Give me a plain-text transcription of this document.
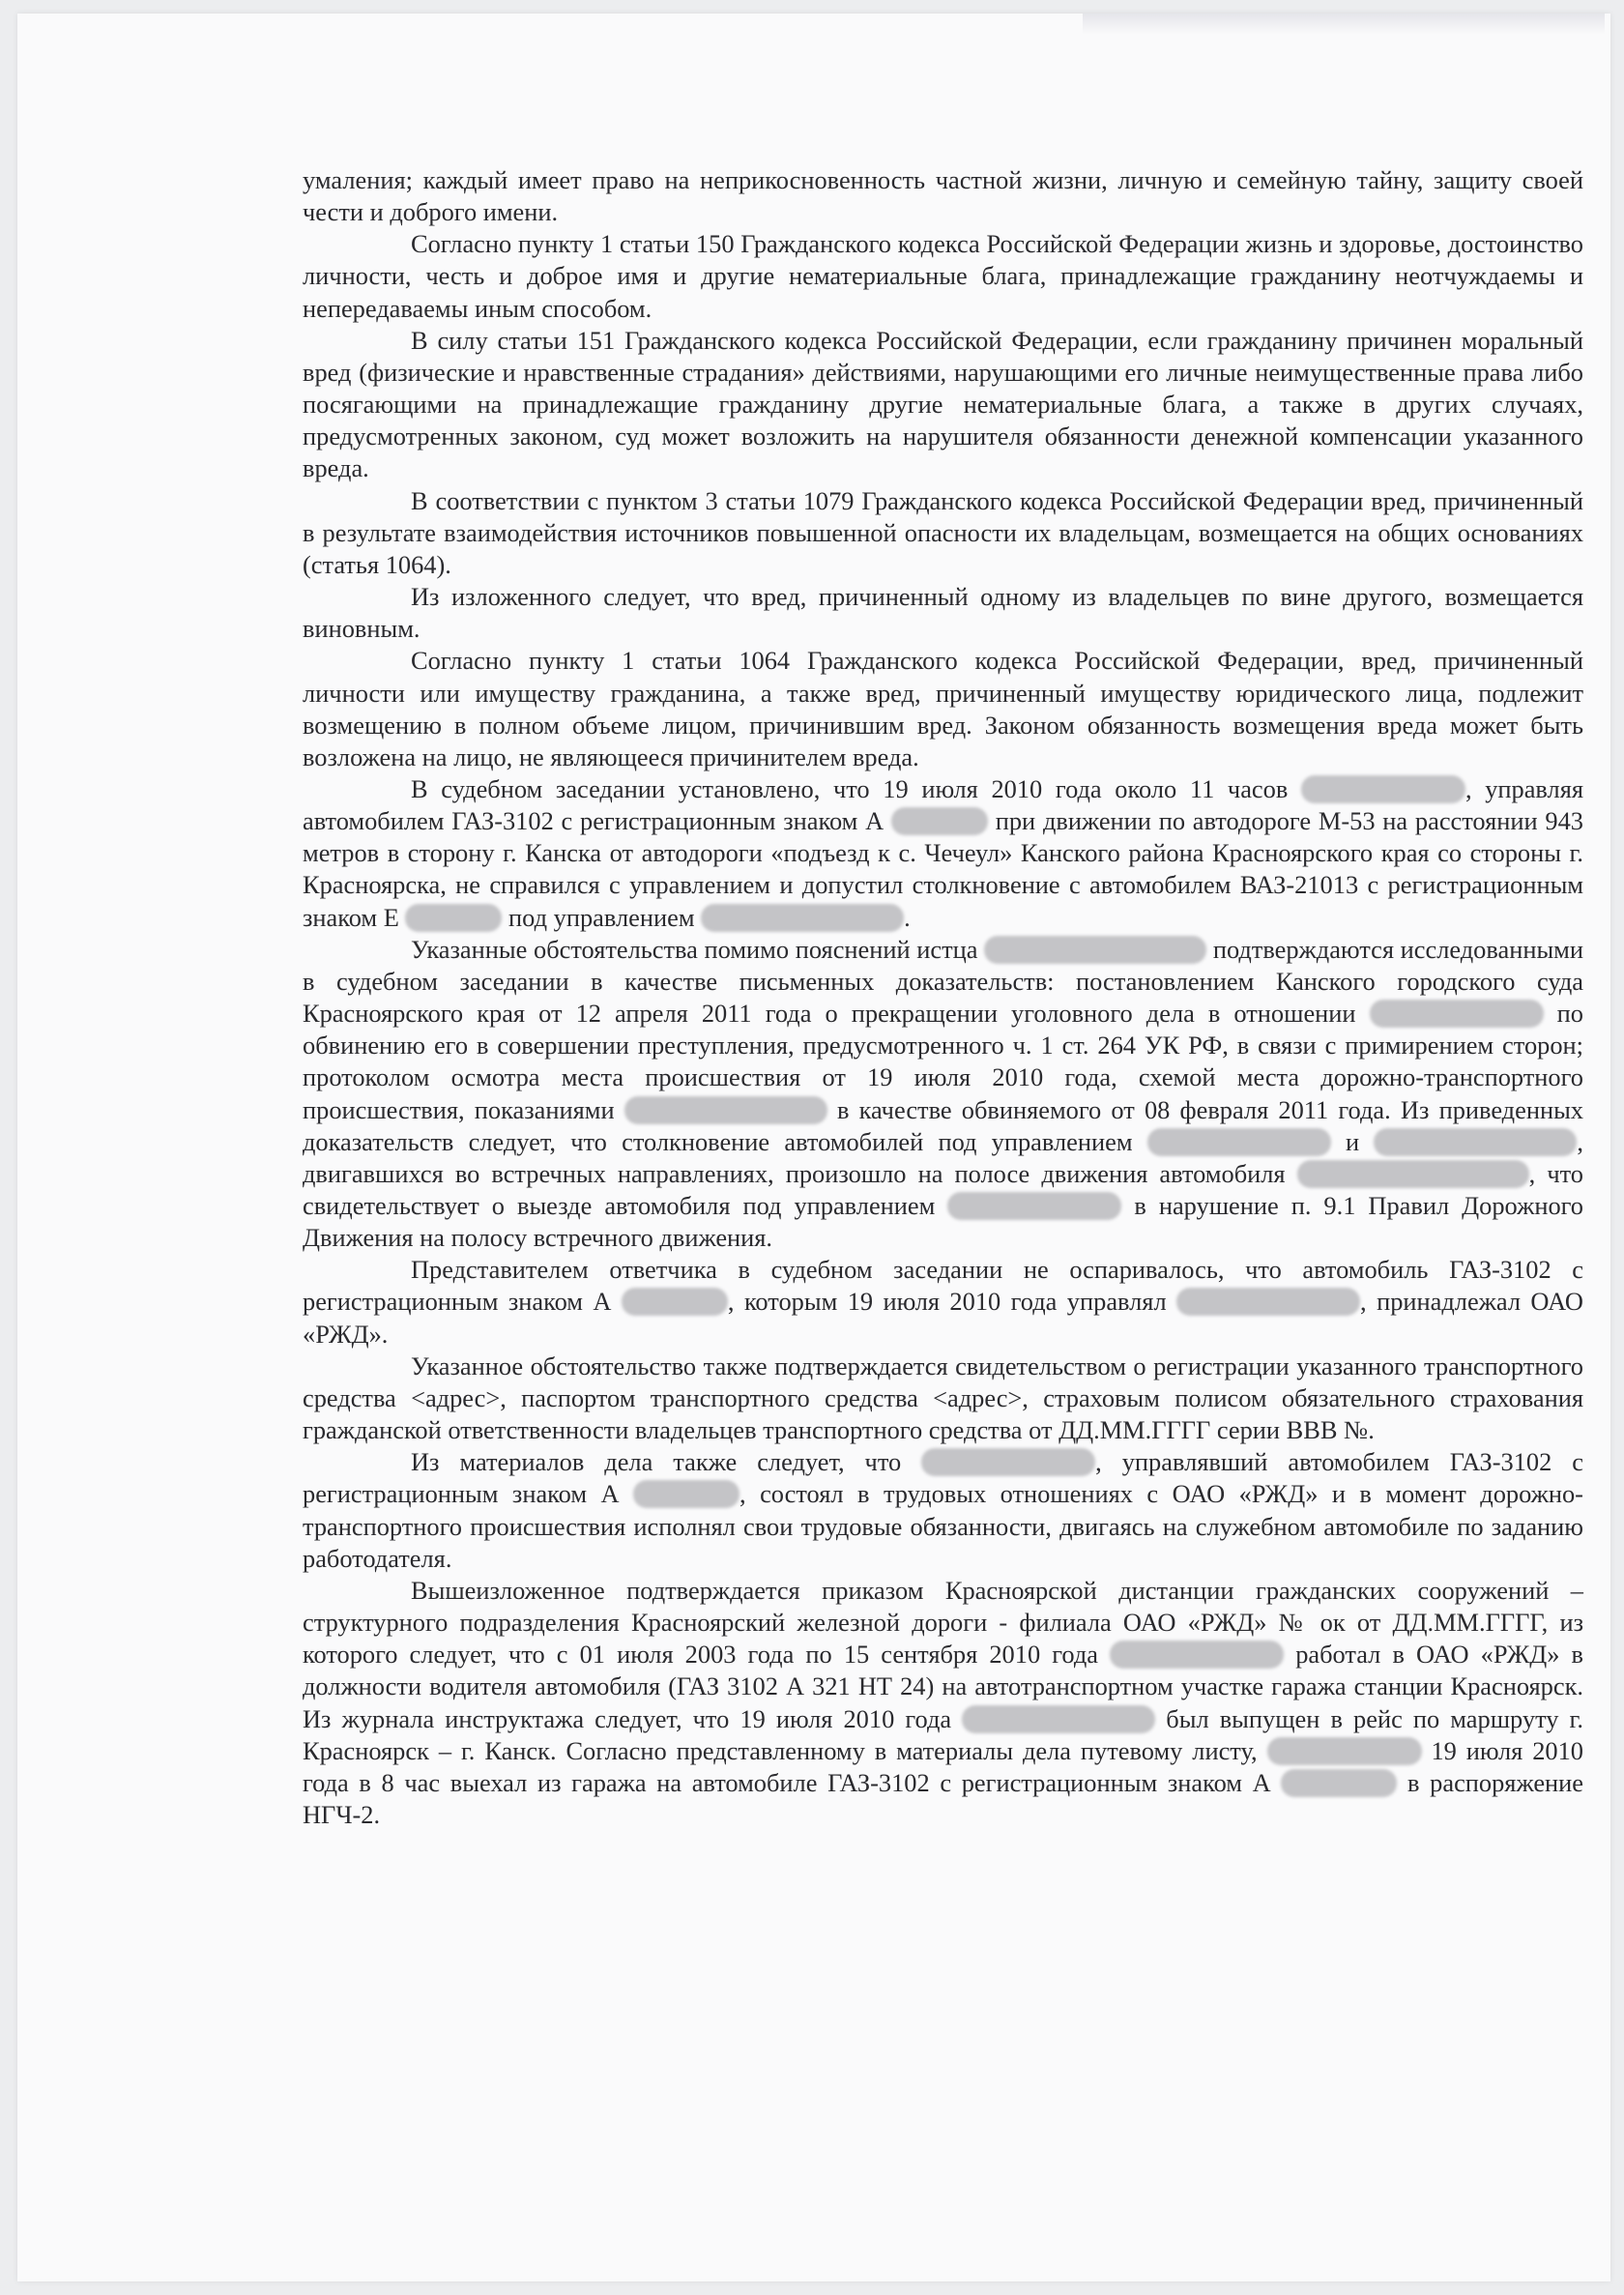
умаления; каждый имеет право на неприкосновенность частной жизни, личную и семейную тайну, защиту своей чести и доброго имени.

Согласно пункту 1 статьи 150 Гражданского кодекса Российской Федерации жизнь и здоровье, достоинство личности, честь и доброе имя и другие нематериальные блага, принадлежащие гражданину неотчуждаемы и непередаваемы иным способом.

В силу статьи 151 Гражданского кодекса Российской Федерации, если гражданину причинен моральный вред (физические и нравственные страдания» действиями, нарушающими его личные неимущественные права либо посягающими на принадлежащие гражданину другие нематериальные блага, а также в других случаях, предусмотренных законом, суд может возложить на нарушителя обязанности денежной компенсации указанного вреда.

В соответствии с пунктом 3 статьи 1079 Гражданского кодекса Российской Федерации вред, причиненный в результате взаимодействия источников повышенной опасности их владельцам, возмещается на общих основаниях (статья 1064).

Из изложенного следует, что вред, причиненный одному из владельцев по вине другого, возмещается виновным.

Согласно пункту 1 статьи 1064 Гражданского кодекса Российской Федерации, вред, причиненный личности или имуществу гражданина, а также вред, причиненный имуществу юридического лица, подлежит возмещению в полном объеме лицом, причинившим вред. Законом обязанность возмещения вреда может быть возложена на лицо, не являющееся причинителем вреда.

В судебном заседании установлено, что 19 июля 2010 года около 11 часов	, управляя автомобилем ГАЗ-3102 с регистрационным знаком А	при движении по автодороге М-53 на расстоянии 943 метров в сторону г. Канска от автодороги «подъезд к с. Чечеул» Канского района Красноярского края со стороны г. Красноярска, не справился с управлением и допустил столкновение с автомобилем ВАЗ-21013 с регистрационным знаком Е	под управлением	.

Указанные обстоятельства помимо пояснений истца	подтверждаются исследованными в судебном заседании в качестве письменных доказательств: постановлением Канского городского суда Красноярского края от 12 апреля 2011 года о прекращении уголовного дела в отношении	по обвинению его в совершении преступления, предусмотренного ч. 1 ст. 264 УК РФ, в связи с примирением сторон; протоколом осмотра места происшествия от 19 июля 2010 года, схемой места дорожно-транспортного происшествия, показаниями	в качестве обвиняемого от 08 февраля 2011 года. Из приведенных доказательств следует, что столкновение автомобилей под управлением	и	, двигавшихся во встречных направлениях, произошло на полосе движения автомобиля	, что свидетельствует о выезде автомобиля под управлением	в нарушение п. 9.1 Правил Дорожного Движения на полосу встречного движения.

Представителем ответчика в судебном заседании не оспаривалось, что автомобиль ГАЗ-3102 с регистрационным знаком А	, которым 19 июля 2010 года управлял	, принадлежал ОАО «РЖД».

Указанное обстоятельство также подтверждается свидетельством о регистрации указанного транспортного средства <адрес>, паспортом транспортного средства <адрес>, страховым полисом обязательного страхования гражданской ответственности владельцев транспортного средства от ДД.ММ.ГГГГ серии ВВВ №.

Из материалов дела также следует, что	, управлявший автомобилем ГАЗ-3102 с регистрационным знаком А	, состоял в трудовых отношениях с ОАО «РЖД» и в момент дорожно-транспортного происшествия исполнял свои трудовые обязанности, двигаясь на служебном автомобиле по заданию работодателя.

Вышеизложенное подтверждается приказом Красноярской дистанции гражданских сооружений – структурного подразделения Красноярский железной дороги - филиала ОАО «РЖД» № ок от ДД.ММ.ГГГГ, из которого следует, что с 01 июля 2003 года по 15 сентября 2010 года	работал в ОАО «РЖД» в должности водителя автомобиля (ГАЗ 3102 А 321 НТ 24) на автотранспортном участке гаража станции Красноярск. Из журнала инструктажа следует, что 19 июля 2010 года	был выпущен в рейс по маршруту г. Красноярск – г. Канск. Согласно представленному в материалы дела путевому листу,	19 июля 2010 года в 8 час выехал из гаража на автомобиле ГАЗ-3102 с регистрационным знаком А	в распоряжение НГЧ-2.
